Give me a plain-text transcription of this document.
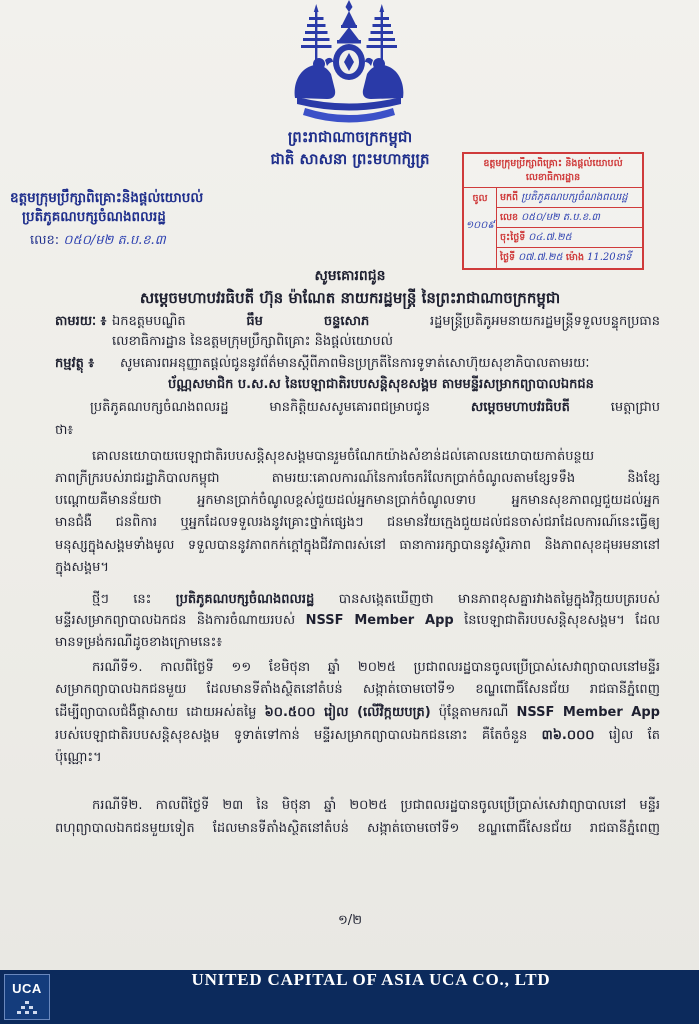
ព្រះរាជាណាចក្រកម្ពុជា
ជាតិ សាសនា ព្រះមហាក្សត្រ
ឧត្តមក្រុមប្រឹក្សាពិគ្រោះនិងផ្តល់យោបល់
ប្រតិភូគណបក្សចំណងពលរដ្ឋ
លេខ: ០៥០/ម២ ត.ប.ខ.៣
ឧត្តមក្រុមប្រឹក្សាពិគ្រោះ និងផ្តល់យោបល់
លេខាធិការដ្ឋាន
ចូល
១០០៩
មកពី ប្រតិភូគណបក្សចំណងពលរដ្ឋ
លេខ ០៥០/ម២ ត.ប.ខ.៣
ចុះថ្ងៃទី ០៤.៧.២៥
ថ្ងៃទី ០៧.៧.២៥ ម៉ោង 11.20នាទី
សូមគោរពជូន
សម្តេចមហាបវរធិបតី ហ៊ុន ម៉ាណែត នាយករដ្ឋមន្ត្រី នៃព្រះរាជាណាចក្រកម្ពុជា
តាមរយៈ ៖ ឯកឧត្តមបណ្ឌិត ធឹម ចន្ទសោភ រដ្ឋមន្ត្រីប្រតិភូអមនាយករដ្ឋមន្ត្រីទទួលបន្ទុកប្រធាន
លេខាធិការដ្ឋាន នៃឧត្តមក្រុមប្រឹក្សាពិគ្រោះ និងផ្តល់យោបល់
កម្មវត្ថុ ៖	សូមគោរពអនុញ្ញាតផ្តល់ជូននូវព័ត៌មានស្តីពីភាពមិនប្រក្រតីនៃការទូទាត់សោហ៊ុយសុខាភិបាលតាមរយៈ
ប័ណ្ណសមាជិក ប.ស.ស នៃបេឡាជាតិរបបសន្តិសុខសង្គម តាមមន្ទីរសម្រាកព្យាបាលឯកជន
ប្រតិភូគណបក្សចំណងពលរដ្ឋ មានកិត្តិយសសូមគោរពជម្រាបជូន សម្តេចមហាបវរធិបតី មេត្តាជ្រាប
ថា៖
គោលនយោបាយបេឡាជាតិរបបសន្តិសុខសង្គមបានរួមចំណែកយ៉ាងសំខាន់ដល់គោលនយោបាយកាត់បន្ថយ
ភាពក្រីក្ររបស់រាជរដ្ឋាភិបាលកម្ពុជា តាមរយៈគោលការណ៍នៃការចែករំលែកប្រាក់ចំណូលតាមខ្សែទទឹង និងខ្សែ
បណ្តោយគឺមានន័យថា អ្នកមានប្រាក់ចំណូលខ្ពស់ជួយដល់អ្នកមានប្រាក់ចំណូលទាប អ្នកមានសុខភាពល្អជួយដល់អ្នក
មានជំងឺ ជនពិការ ឬអ្នកដែលទទួលរងនូវគ្រោះថ្នាក់ផ្សេងៗ ជនមានវ័យក្មេងជួយដល់ជនចាស់ជរាដែលការណ៍នេះធ្វើឲ្យ
មនុស្សក្នុងសង្គមទាំងមូល ទទួលបាននូវភាពកក់ក្តៅក្នុងជីវភាពរស់នៅ ធានាការរក្សាបាននូវស្ថិរភាព និងភាពសុខដុមរមនានៅ
ក្នុងសង្គម។
ថ្មីៗ នេះ ប្រតិភូគណបក្សចំណងពលរដ្ឋ បានសង្កេតឃើញថា មានភាពខុសគ្នារវាងតម្លៃក្នុងវិក្កយបត្ររបស់
មន្ទីរសម្រាកព្យាបាលឯកជន និងការចំណាយរបស់ NSSF Member App នៃបេឡាជាតិរបបសន្តិសុខសង្គម។ ដែល
មានទម្រង់ករណីដូចខាងក្រោមនេះ៖
ករណីទី១. កាលពីថ្ងៃទី ១១ ខែមិថុនា ឆ្នាំ ២០២៥ ប្រជាពលរដ្ឋបានចូលប្រើប្រាស់សេវាព្យាបាលនៅមន្ទីរ
សម្រាកព្យាបាលឯកជនមួយ ដែលមានទីតាំងស្ថិតនៅតំបន់ សង្កាត់ចោមចៅទី១ ខណ្ឌពោធិ៍សែនជ័យ រាជធានីភ្នំពេញ
ដើម្បីព្យាបាលជំងឺផ្តាសាយ ដោយអស់តម្លៃ ៦០.៥០០ រៀល (លើវិក្កយបត្រ) ប៉ុន្តែតាមករណី NSSF Member App
របស់បេឡាជាតិរបបសន្តិសុខសង្គម ទូទាត់ទៅកាន់ មន្ទីរសម្រាកព្យាបាលឯកជននោះ គឺតែចំនួន ៣៦.០០០ រៀល តែ
ប៉ុណ្ណោះ។
ករណីទី២. កាលពីថ្ងៃទី ២៣ នៃ មិថុនា ឆ្នាំ ២០២៥ ប្រជាពលរដ្ឋបានចូលប្រើប្រាស់សេវាព្យាបាលនៅ មន្ទីរ
ពហុព្យាបាលឯកជនមួយទៀត ដែលមានទីតាំងស្ថិតនៅតំបន់ សង្កាត់ចោមចៅទី១ ខណ្ឌពោធិ៍សែនជ័យ រាជធានីភ្នំពេញ
១/២
UCA	UNITED CAPITAL OF ASIA UCA CO., LTD
